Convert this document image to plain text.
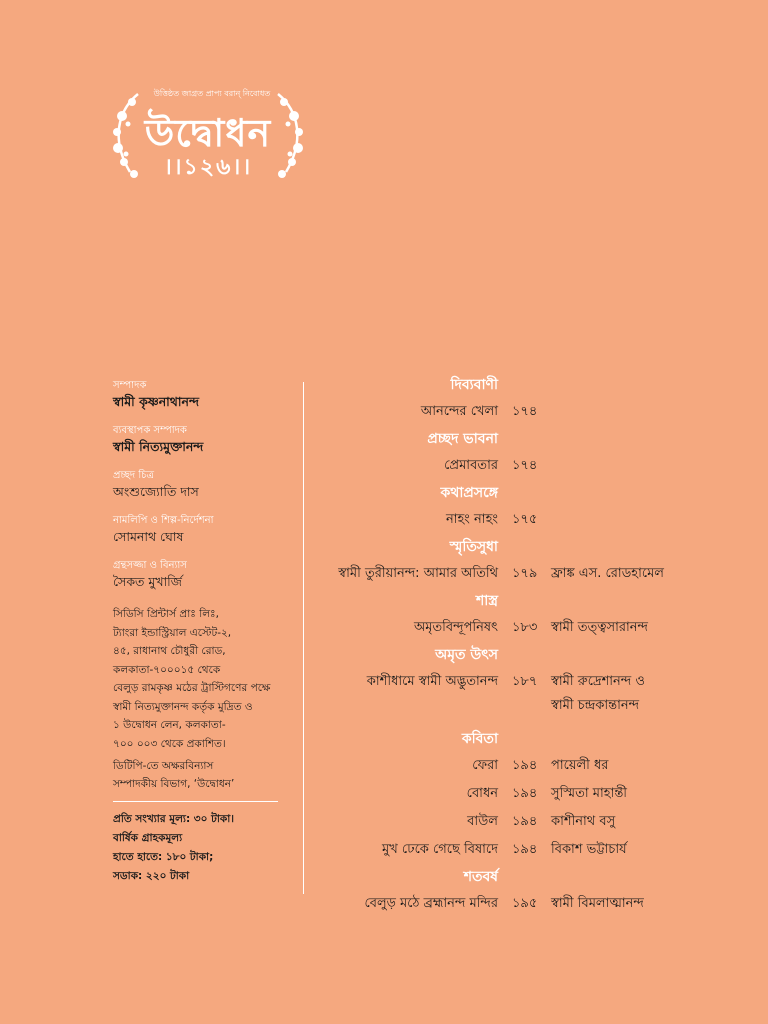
উত্তিষ্ঠত জাগ্রত প্রাপ্য বরান্ নিবোধত
উদ্বোধন
।।১২৬।।
সম্পাদক
স্বামী কৃষ্ণনাথানন্দ
ব্যবস্থাপক সম্পাদক
স্বামী নিত্যমুক্তানন্দ
প্রচ্ছদ চিত্র
অংশুজ্যোতি দাস
নামলিপি ও শিল্প-নির্দেশনা
সোমনাথ ঘোষ
গ্রন্থসজ্জা ও বিন্যাস
সৈকত মুখার্জি

সিডিসি প্রিন্টার্স প্রাঃ লিঃ,

ট্যাংরা ইন্ডাস্ট্রিয়াল এস্টেট-২,

৪৫, রাধানাথ চৌধুরী রোড,

কলকাতা-৭০০০১৫ থেকে

বেলুড় রামকৃষ্ণ মঠের ট্রাস্টিগণের পক্ষে

স্বামী নিত্যমুক্তানন্দ কর্তৃক মুদ্রিত ও

১ উদ্বোধন লেন, কলকাতা-

৭০০ ০০৩ থেকে প্রকাশিত।

ডিটিপি-তে অক্ষরবিন্যাস

সম্পাদকীয় বিভাগ, ‘উদ্বোধন’

প্রতি সংখ্যার মূল্য: ৩০ টাকা।

বার্ষিক গ্রাহকমূল্য

হাতে হাতে: ১৮০ টাকা;

সডাক: ২২০ টাকা

দিব্যবাণী
আনন্দের খেলা ১৭৪
প্রচ্ছদ ভাবনা
প্রেমাবতার ১৭৪
কথাপ্রসঙ্গে
নাহং নাহং ১৭৫
স্মৃতিসুধা
স্বামী তুরীয়ানন্দ: আমার অতিথি ১৭৯	ফ্রাঙ্ক এস. রোডহামেল
শাস্ত্র
অমৃতবিন্দূপনিষৎ ১৮৩	স্বামী তত্ত্বসারানন্দ
অমৃত উৎস
কাশীধামে স্বামী অদ্ভুতানন্দ ১৮৭	স্বামী রুদ্রেশানন্দ ও
স্বামী চন্দ্রকান্তানন্দ
কবিতা
ফেরা ১৯৪	পায়েলী ধর
বোধন ১৯৪	সুস্মিতা মাহান্তী
বাউল ১৯৪	কাশীনাথ বসু
মুখ ঢেকে গেছে বিষাদে ১৯৪	বিকাশ ভট্টাচার্য
শতবর্ষ
বেলুড় মঠে ব্রহ্মানন্দ মন্দির ১৯৫	স্বামী বিমলাত্মানন্দ
